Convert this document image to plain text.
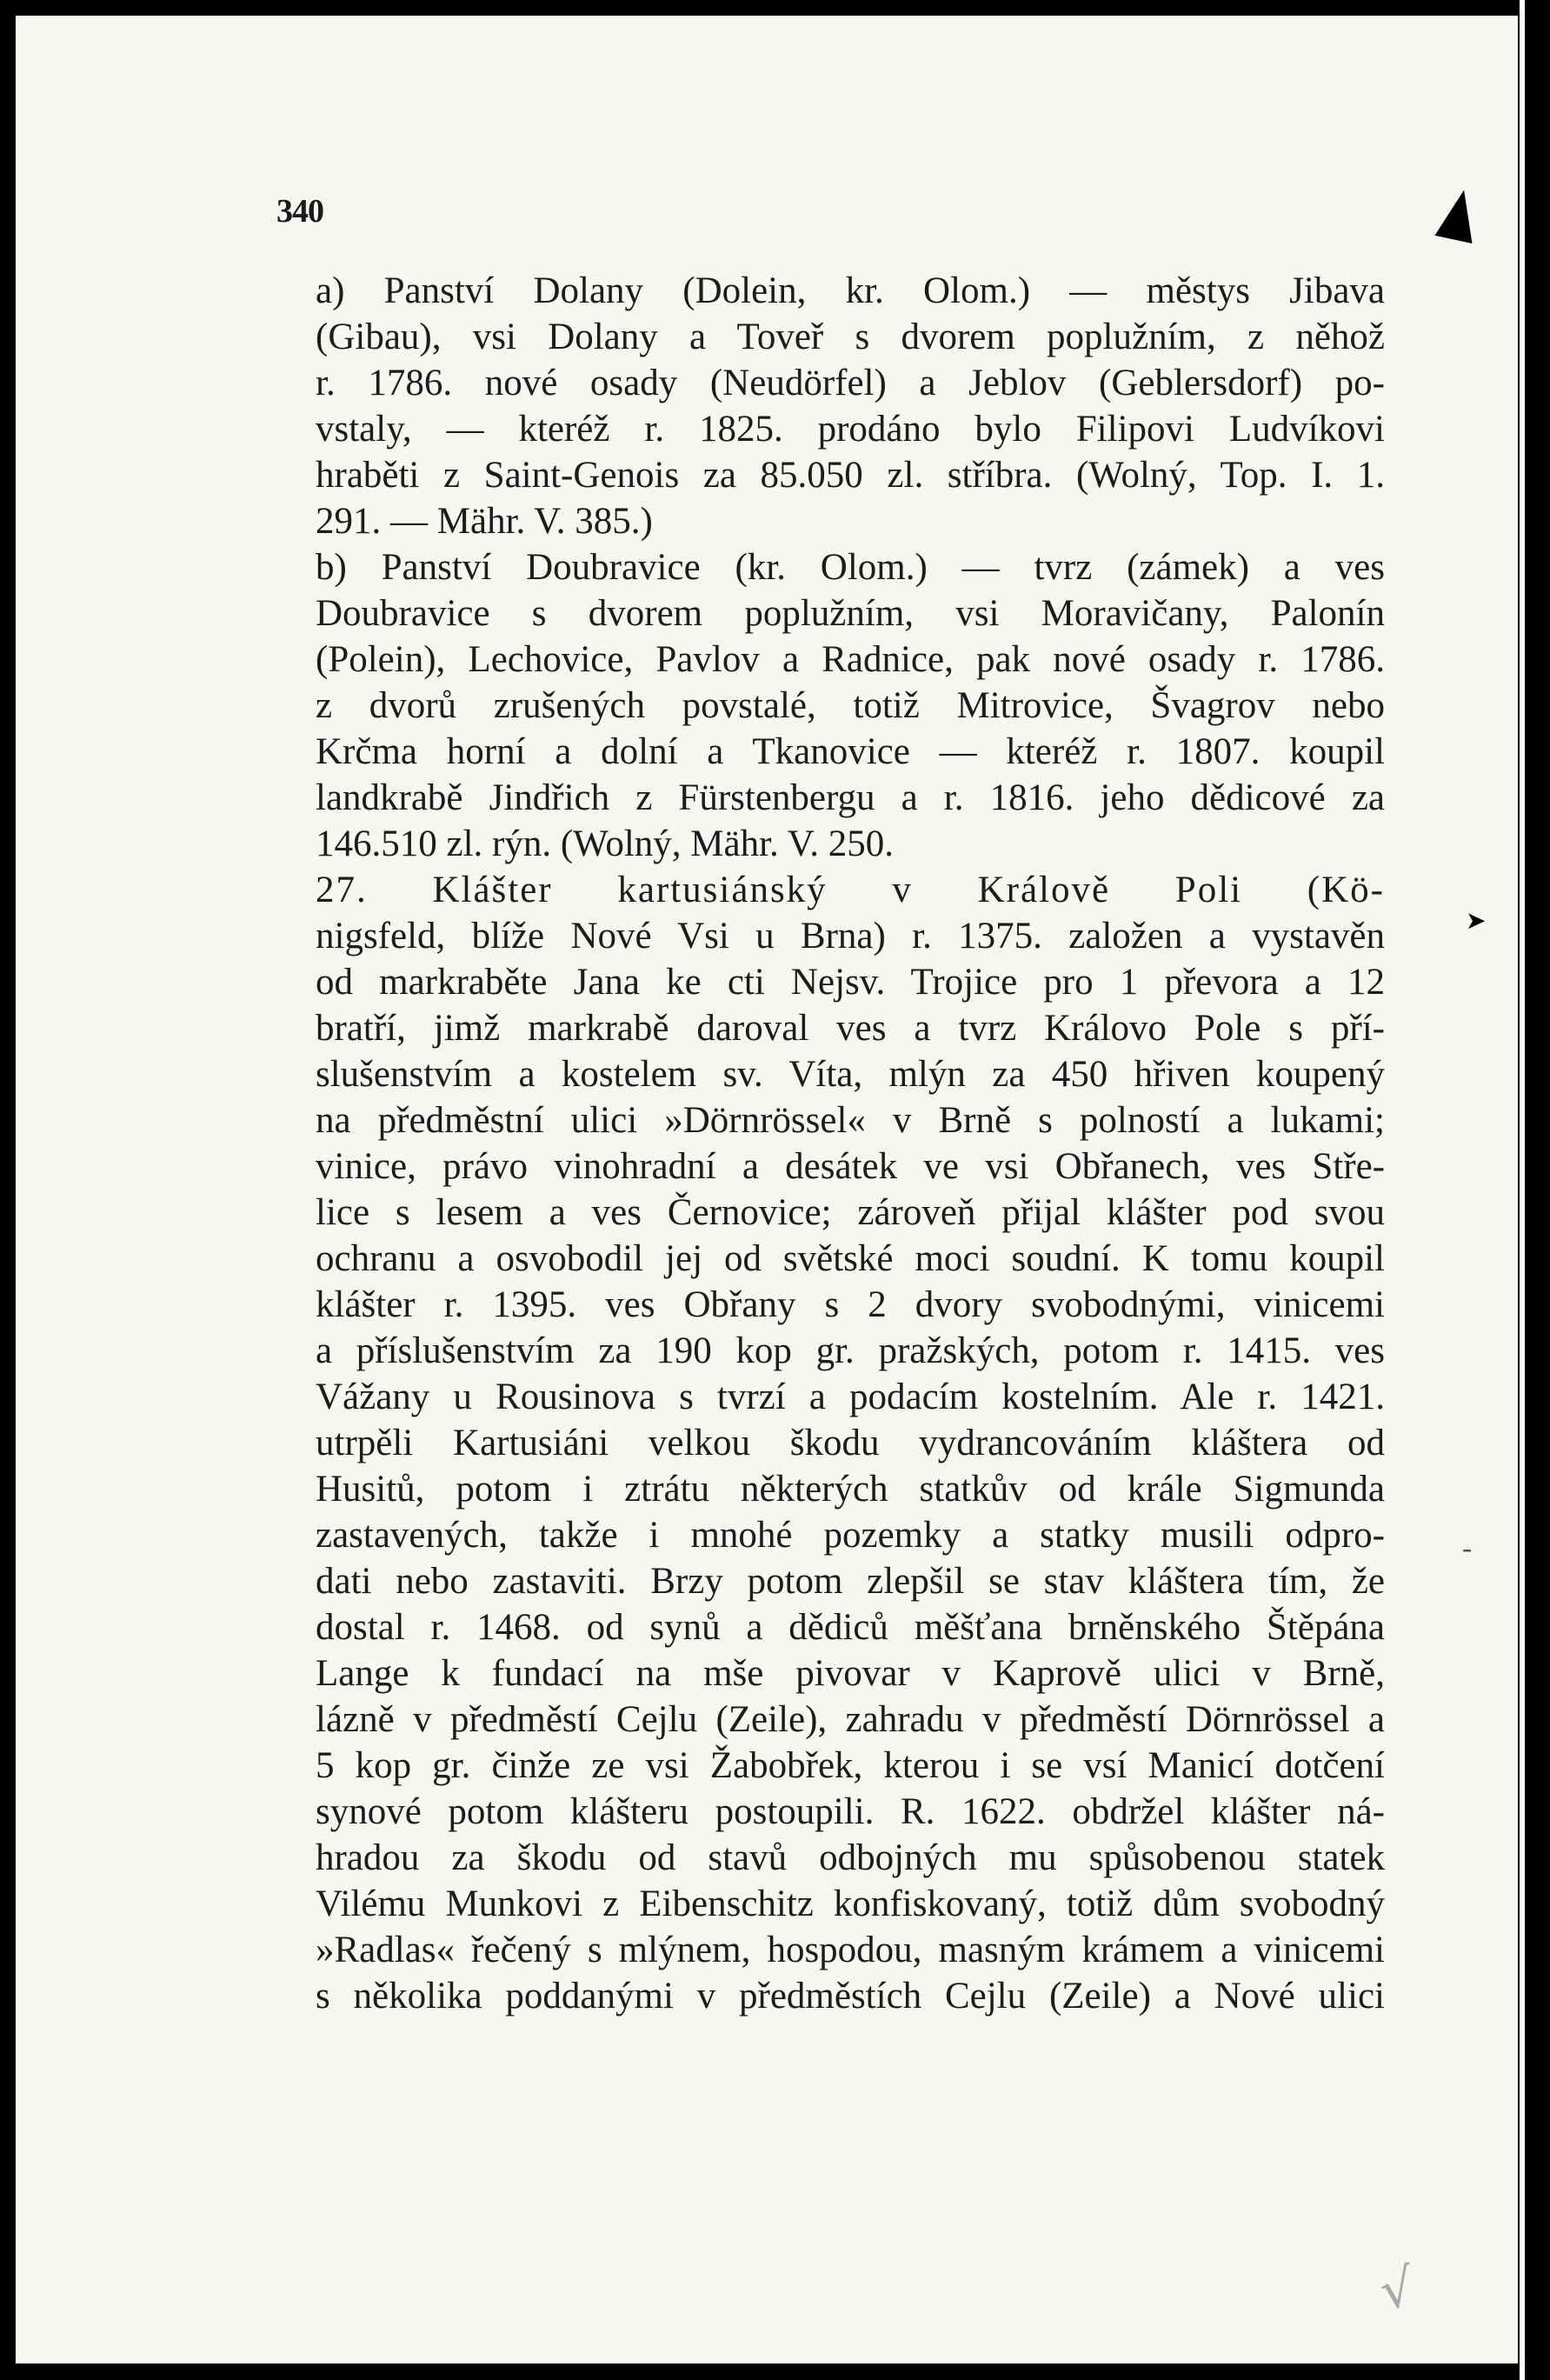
340
➤
-
√
a) Panství Dolany (Dolein, kr. Olom.) — městys Jibava
(Gibau), vsi Dolany a Toveř s dvorem poplužním, z něhož
r. 1786. nové osady (Neudörfel) a Jeblov (Geblersdorf) po-
vstaly, — kteréž r. 1825. prodáno bylo Filipovi Ludvíkovi
hraběti z Saint-Genois za 85.050 zl. stříbra. (Wolný, Top. I. 1.
291. — Mähr. V. 385.)
b) Panství Doubravice (kr. Olom.) — tvrz (zámek) a ves
Doubravice s dvorem poplužním, vsi Moravičany, Palonín
(Polein), Lechovice, Pavlov a Radnice, pak nové osady r. 1786.
z dvorů zrušených povstalé, totiž Mitrovice, Švagrov nebo
Krčma horní a dolní a Tkanovice — kteréž r. 1807. koupil
landkrabě Jindřich z Fürstenbergu a r. 1816. jeho dědicové za
146.510 zl. rýn. (Wolný, Mähr. V. 250.
27. Klášter kartusiánský v Králově Poli (Kö-
nigsfeld, blíže Nové Vsi u Brna) r. 1375. založen a vystavěn
od markraběte Jana ke cti Nejsv. Trojice pro 1 převora a 12
bratří, jimž markrabě daroval ves a tvrz Královo Pole s pří-
slušenstvím a kostelem sv. Víta, mlýn za 450 hřiven koupený
na předměstní ulici »Dörnrössel« v Brně s polností a lukami;
vinice, právo vinohradní a desátek ve vsi Obřanech, ves Stře-
lice s lesem a ves Černovice; zároveň přijal klášter pod svou
ochranu a osvobodil jej od světské moci soudní. K tomu koupil
klášter r. 1395. ves Obřany s 2 dvory svobodnými, vinicemi
a příslušenstvím za 190 kop gr. pražských, potom r. 1415. ves
Vážany u Rousinova s tvrzí a podacím kostelním. Ale r. 1421.
utrpěli Kartusiáni velkou škodu vydrancováním kláštera od
Husitů, potom i ztrátu některých statkův od krále Sigmunda
zastavených, takže i mnohé pozemky a statky musili odpro-
dati nebo zastaviti. Brzy potom zlepšil se stav kláštera tím, že
dostal r. 1468. od synů a dědiců měšťana brněnského Štěpána
Lange k fundací na mše pivovar v Kaprově ulici v Brně,
lázně v předměstí Cejlu (Zeile), zahradu v předměstí Dörnrössel a
5 kop gr. činže ze vsi Žabobřek, kterou i se vsí Manicí dotčení
synové potom klášteru postoupili. R. 1622. obdržel klášter ná-
hradou za škodu od stavů odbojných mu spůsobenou statek
Vilému Munkovi z Eibenschitz konfiskovaný, totiž dům svobodný
»Radlas« řečený s mlýnem, hospodou, masným krámem a vinicemi
s několika poddanými v předměstích Cejlu (Zeile) a Nové ulici
